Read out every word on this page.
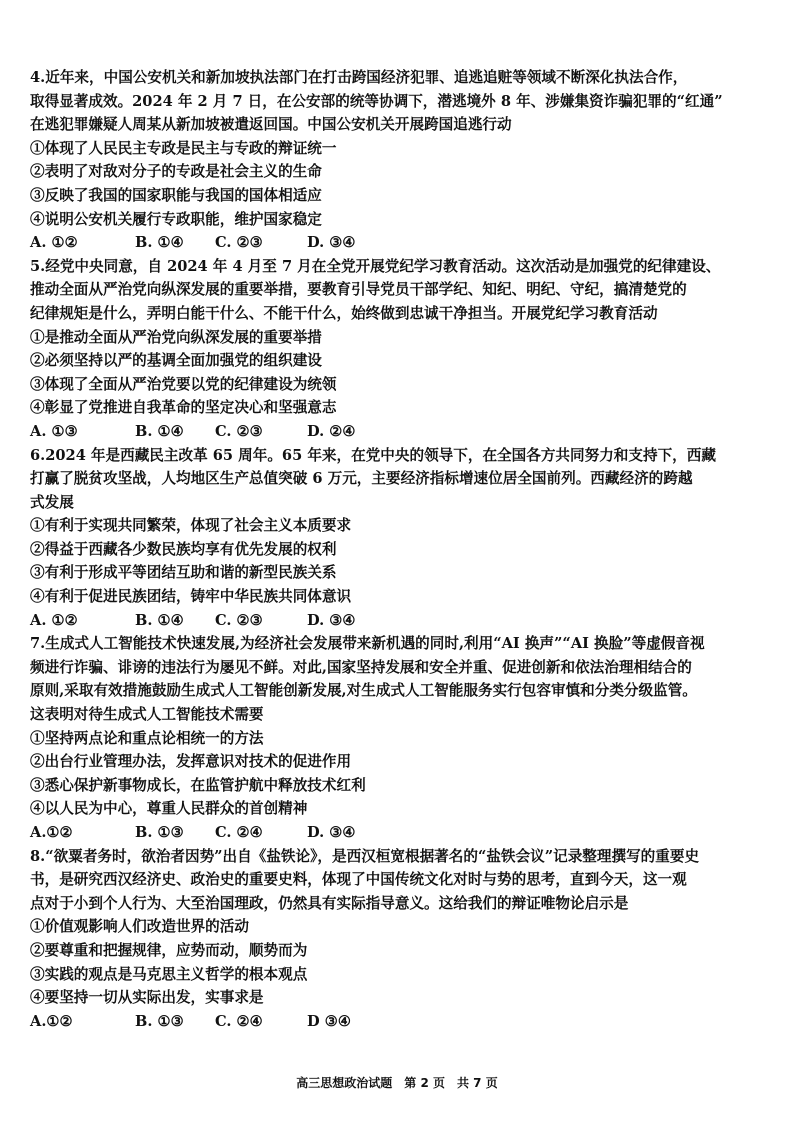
4.近年来，中国公安机关和新加坡执法部门在打击跨国经济犯罪、追逃追赃等领域不断深化执法合作，
取得显著成效。2024 年 2 月 7 日，在公安部的统等协调下，潜逃境外 8 年、涉嫌集资诈骗犯罪的“红通”
在逃犯罪嫌疑人周某从新加坡被遣返回国。中国公安机关开展跨国追逃行动
①体现了人民民主专政是民主与专政的辩证统一
②表明了对敌对分子的专政是社会主义的生命
③反映了我国的国家职能与我国的国体相适应
④说明公安机关履行专政职能，维护国家稳定
A. ①②	B. ①④	C. ②③	D. ③④
5.经党中央同意，自 2024 年 4 月至 7 月在全党开展党纪学习教育活动。这次活动是加强党的纪律建设、
推动全面从严治党向纵深发展的重要举措，要教育引导党员干部学纪、知纪、明纪、守纪，搞清楚党的
纪律规矩是什么，弄明白能干什么、不能干什么，始终做到忠诚干净担当。开展党纪学习教育活动
①是推动全面从严治党向纵深发展的重要举措
②必须坚持以严的基调全面加强党的组织建设
③体现了全面从严治党要以党的纪律建设为统领
④彰显了党推进自我革命的坚定决心和坚强意志
A. ①③	B. ①④	C. ②③	D. ②④
6.2024 年是西藏民主改革 65 周年。65 年来，在党中央的领导下，在全国各方共同努力和支持下，西藏
打赢了脱贫攻坚战，人均地区生产总值突破 6 万元，主要经济指标增速位居全国前列。西藏经济的跨越
式发展
①有利于实现共同繁荣，体现了社会主义本质要求
②得益于西藏各少数民族均享有优先发展的权利
③有利于形成平等团结互助和谐的新型民族关系
④有利于促进民族团结，铸牢中华民族共同体意识
A. ①②	B. ①④	C. ②③	D. ③④
7.生成式人工智能技术快速发展,为经济社会发展带来新机遇的同时,利用“AI 换声”“AI 换脸”等虚假音视
频进行诈骗、诽谤的违法行为屡见不鲜。对此,国家坚持发展和安全并重、促进创新和依法治理相结合的
原则,采取有效措施鼓励生成式人工智能创新发展,对生成式人工智能服务实行包容审慎和分类分级监管。
这表明对待生成式人工智能技术需要
①坚持两点论和重点论相统一的方法
②出台行业管理办法，发挥意识对技术的促进作用
③悉心保护新事物成长，在监管护航中释放技术红利
④以人民为中心，尊重人民群众的首创精神
A.①②	B. ①③	C. ②④	D. ③④
8.“欲粟者务时，欲治者因势”出自《盐铁论》，是西汉桓宽根据著名的“盐铁会议”记录整理撰写的重要史
书，是研究西汉经济史、政治史的重要史料，体现了中国传统文化对时与势的思考，直到今天，这一观
点对于小到个人行为、大至治国理政，仍然具有实际指导意义。这给我们的辩证唯物论启示是
①价值观影响人们改造世界的活动
②要尊重和把握规律，应势而动，顺势而为
③实践的观点是马克思主义哲学的根本观点
④要坚持一切从实际出发，实事求是
A.①②	B. ①③	C. ②④	D ③④
高三思想政治试题　第 2 页　共 7 页
